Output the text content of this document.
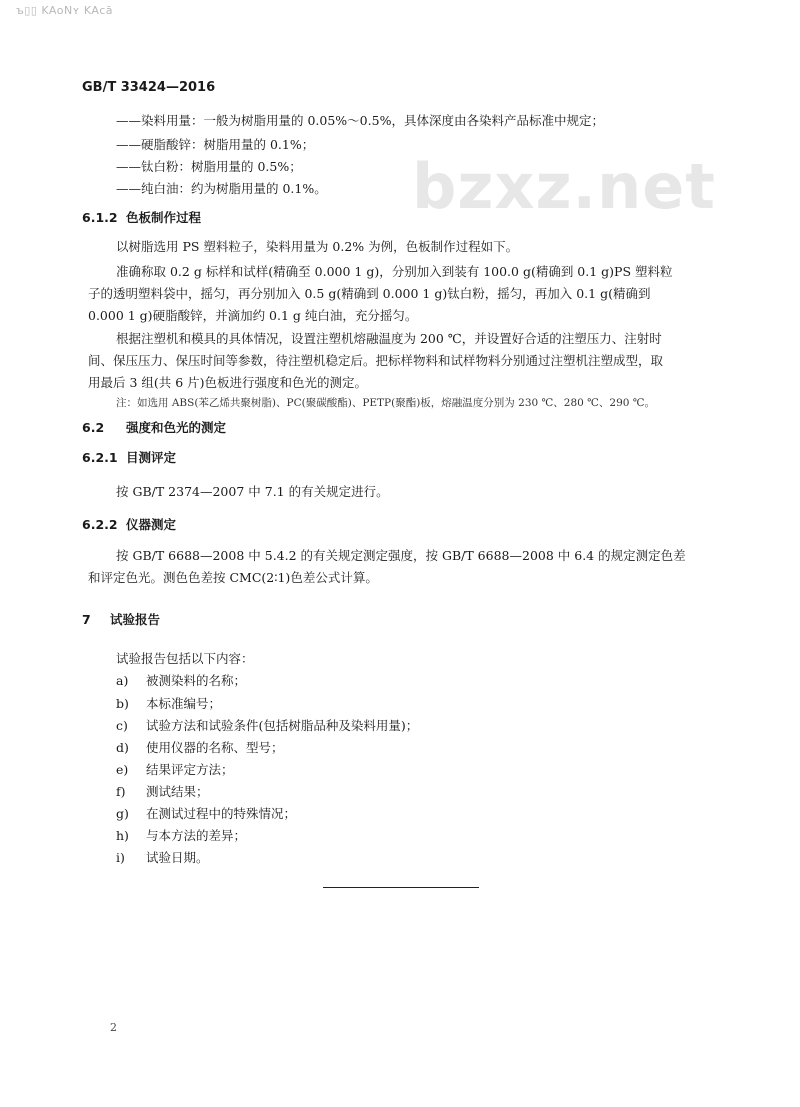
ъ▯▯ KAoNʏ KAcā
bzxz.net
GB/T 33424—2016
——染料用量：一般为树脂用量的 0.05%～0.5%，具体深度由各染料产品标准中规定；
——硬脂酸锌：树脂用量的 0.1%；
——钛白粉：树脂用量的 0.5%；
——纯白油：约为树脂用量的 0.1%。
6.1.2 色板制作过程
以树脂选用 PS 塑料粒子，染料用量为 0.2% 为例，色板制作过程如下。
准确称取 0.2 g 标样和试样(精确至 0.000 1 g)，分别加入到装有 100.0 g(精确到 0.1 g)PS 塑料粒
子的透明塑料袋中，摇匀，再分别加入 0.5 g(精确到 0.000 1 g)钛白粉，摇匀，再加入 0.1 g(精确到
0.000 1 g)硬脂酸锌，并滴加约 0.1 g 纯白油，充分摇匀。
根据注塑机和模具的具体情况，设置注塑机熔融温度为 200 ℃，并设置好合适的注塑压力、注射时
间、保压压力、保压时间等参数，待注塑机稳定后。把标样物料和试样物料分别通过注塑机注塑成型，取
用最后 3 组(共 6 片)色板进行强度和色光的测定。
注：如选用 ABS(苯乙烯共聚树脂)、PC(聚碳酸酯)、PETP(聚酯)板，熔融温度分别为 230 ℃、280 ℃、290 ℃。
6.2 强度和色光的测定
6.2.1 目测评定
按 GB/T 2374—2007 中 7.1 的有关规定进行。
6.2.2 仪器测定
按 GB/T 6688—2008 中 5.4.2 的有关规定测定强度，按 GB/T 6688—2008 中 6.4 的规定测定色差
和评定色光。测色色差按 CMC(2∶1)色差公式计算。
7 试验报告
试验报告包括以下内容：
a) 被测染料的名称；
b) 本标准编号；
c) 试验方法和试验条件(包括树脂品种及染料用量)；
d) 使用仪器的名称、型号；
e) 结果评定方法；
f) 测试结果；
g) 在测试过程中的特殊情况；
h) 与本方法的差异；
i) 试验日期。
2
